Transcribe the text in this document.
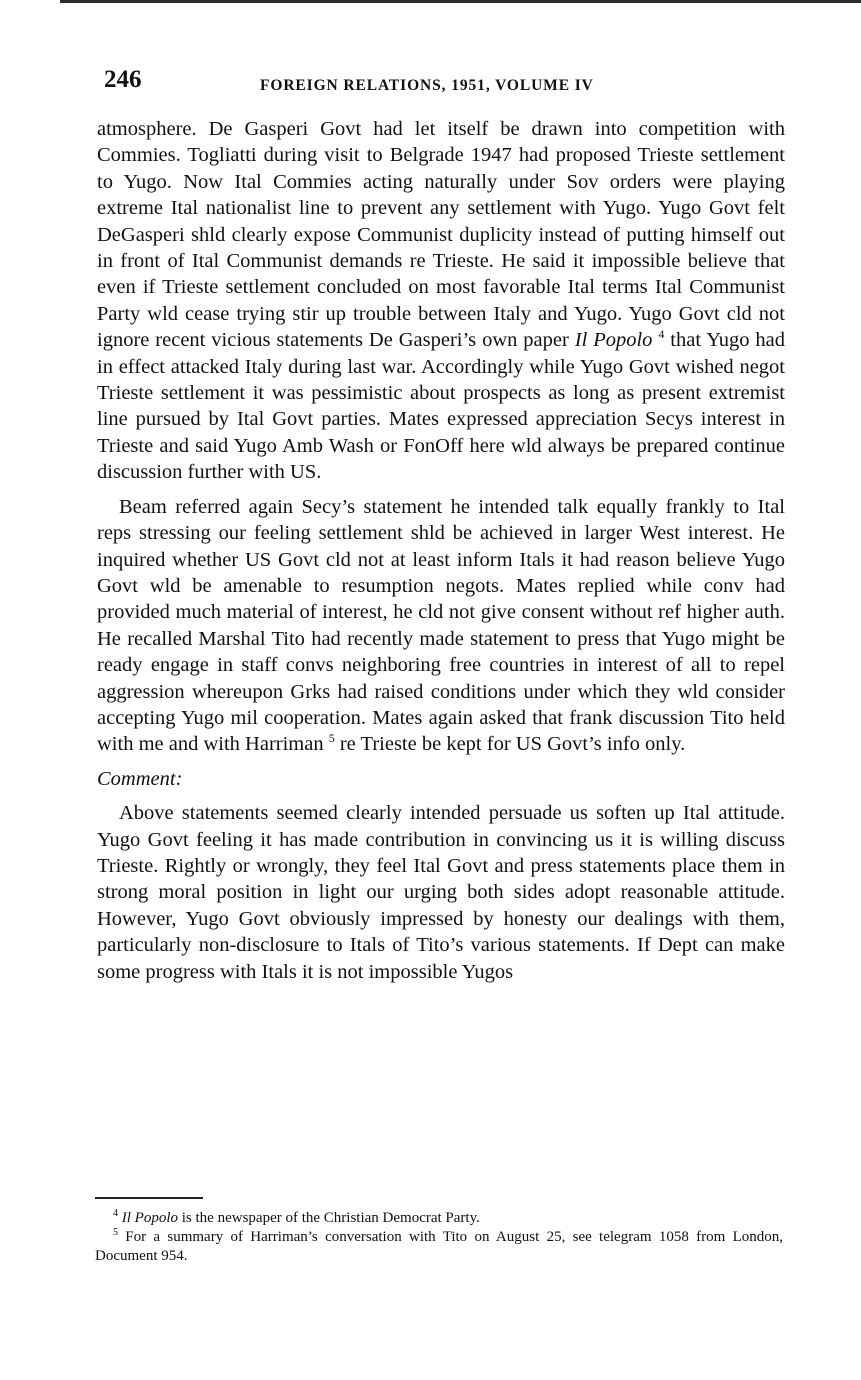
246	FOREIGN RELATIONS, 1951, VOLUME IV

atmosphere. De Gasperi Govt had let itself be drawn into competition with Commies. Togliatti during visit to Belgrade 1947 had proposed Trieste settlement to Yugo. Now Ital Commies acting naturally under Sov orders were playing extreme Ital nationalist line to prevent any settlement with Yugo. Yugo Govt felt DeGasperi shld clearly expose Communist duplicity instead of putting himself out in front of Ital Communist demands re Trieste. He said it impossible believe that even if Trieste settlement concluded on most favorable Ital terms Ital Communist Party wld cease trying stir up trouble between Italy and Yugo. Yugo Govt cld not ignore recent vicious statements De Gasperi’s own paper Il Popolo $^4$ that Yugo had in effect attacked Italy during last war. Accordingly while Yugo Govt wished negot Trieste settlement it was pessimistic about prospects as long as present extremist line pursued by Ital Govt parties. Mates expressed appreciation Secys interest in Trieste and said Yugo Amb Wash or FonOff here wld always be prepared continue discussion further with US.

Beam referred again Secy’s statement he intended talk equally frankly to Ital reps stressing our feeling settlement shld be achieved in larger West interest. He inquired whether US Govt cld not at least inform Itals it had reason believe Yugo Govt wld be amenable to resumption negots. Mates replied while conv had provided much material of interest, he cld not give consent without ref higher auth. He recalled Marshal Tito had recently made statement to press that Yugo might be ready engage in staff convs neighboring free countries in interest of all to repel aggression whereupon Grks had raised conditions under which they wld consider accepting Yugo mil cooperation. Mates again asked that frank discussion Tito held with me and with Harriman $^5$ re Trieste be kept for US Govt’s info only.

Comment:

Above statements seemed clearly intended persuade us soften up Ital attitude. Yugo Govt feeling it has made contribution in convincing us it is willing discuss Trieste. Rightly or wrongly, they feel Ital Govt and press statements place them in strong moral position in light our urging both sides adopt reasonable attitude. However, Yugo Govt obviously impressed by honesty our dealings with them, particularly non-disclosure to Itals of Tito’s various statements. If Dept can make some progress with Itals it is not impossible Yugos

$^4$ Il Popolo is the newspaper of the Christian Democrat Party.

$^5$ For a summary of Harriman’s conversation with Tito on August 25, see telegram 1058 from London, Document 954.
